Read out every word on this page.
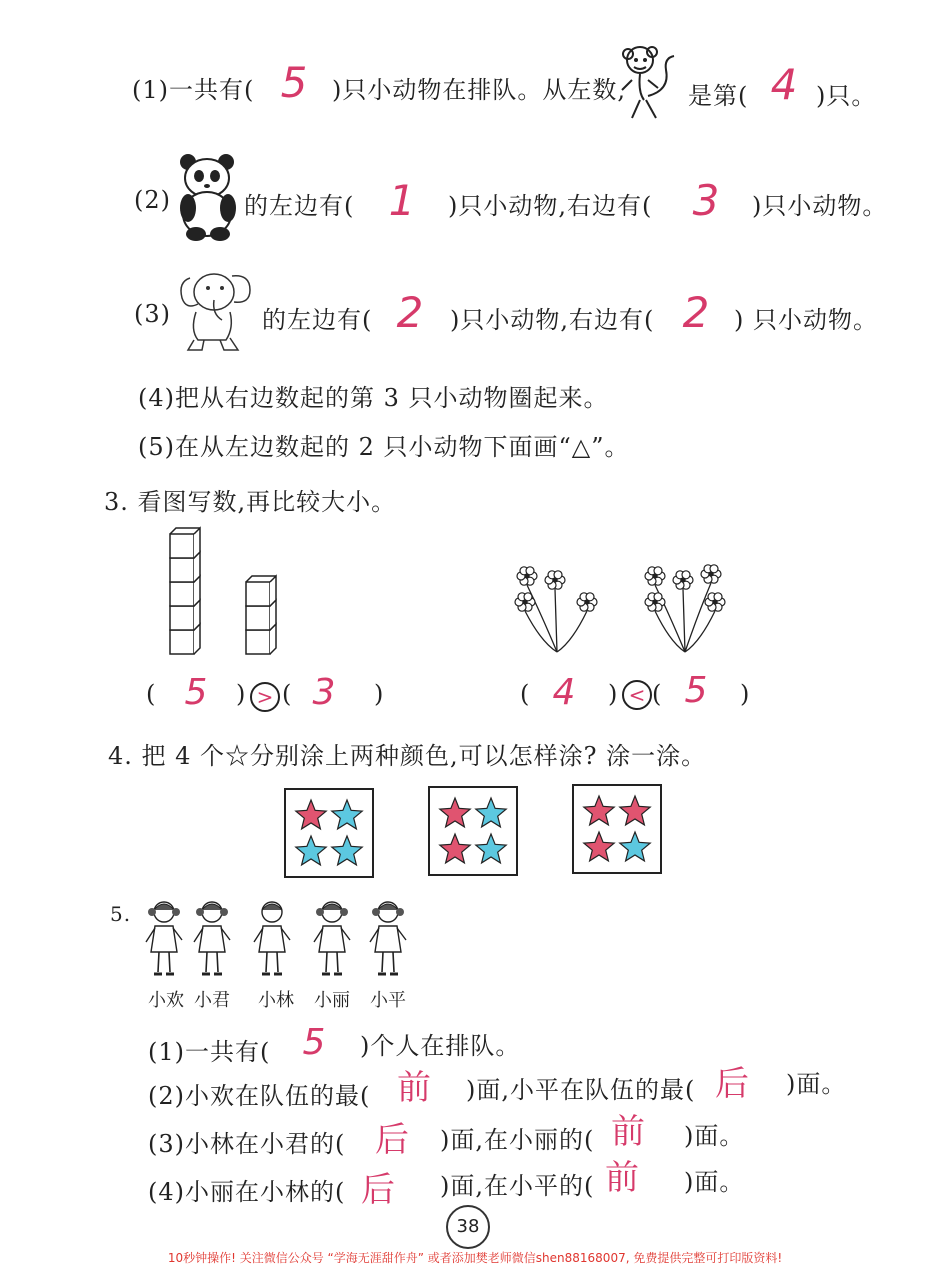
(1)一共有( 5 )只小动物在排队。从左数,	是第( 4 )只。
(2)	的左边有( 1 )只小动物,右边有( 3 )只小动物。
(3)	的左边有( 2 )只小动物,右边有( 2 ) 只小动物。
(4)把从右边数起的第 3 只小动物圈起来。
(5)在从左边数起的 2 只小动物下面画“△”。
3. 看图写数,再比较大小。
( 5 ) > ( 3 )	( 4 ) < ( 5 )
4. 把 4 个☆分别涂上两种颜色,可以怎样涂? 涂一涂。
5.
小欢 小君 小林 小丽 小平
(1)一共有( 5 )个人在排队。
(2)小欢在队伍的最( 前 )面,小平在队伍的最( 后 )面。
(3)小林在小君的( 后 )面,在小丽的( 前 )面。
(4)小丽在小林的( 后 )面,在小平的( 前 )面。
38
10秒钟操作! 关注微信公众号 “学海无涯甜作舟” 或者添加樊老师微信shen88168007, 免费提供完整可打印版资料!
